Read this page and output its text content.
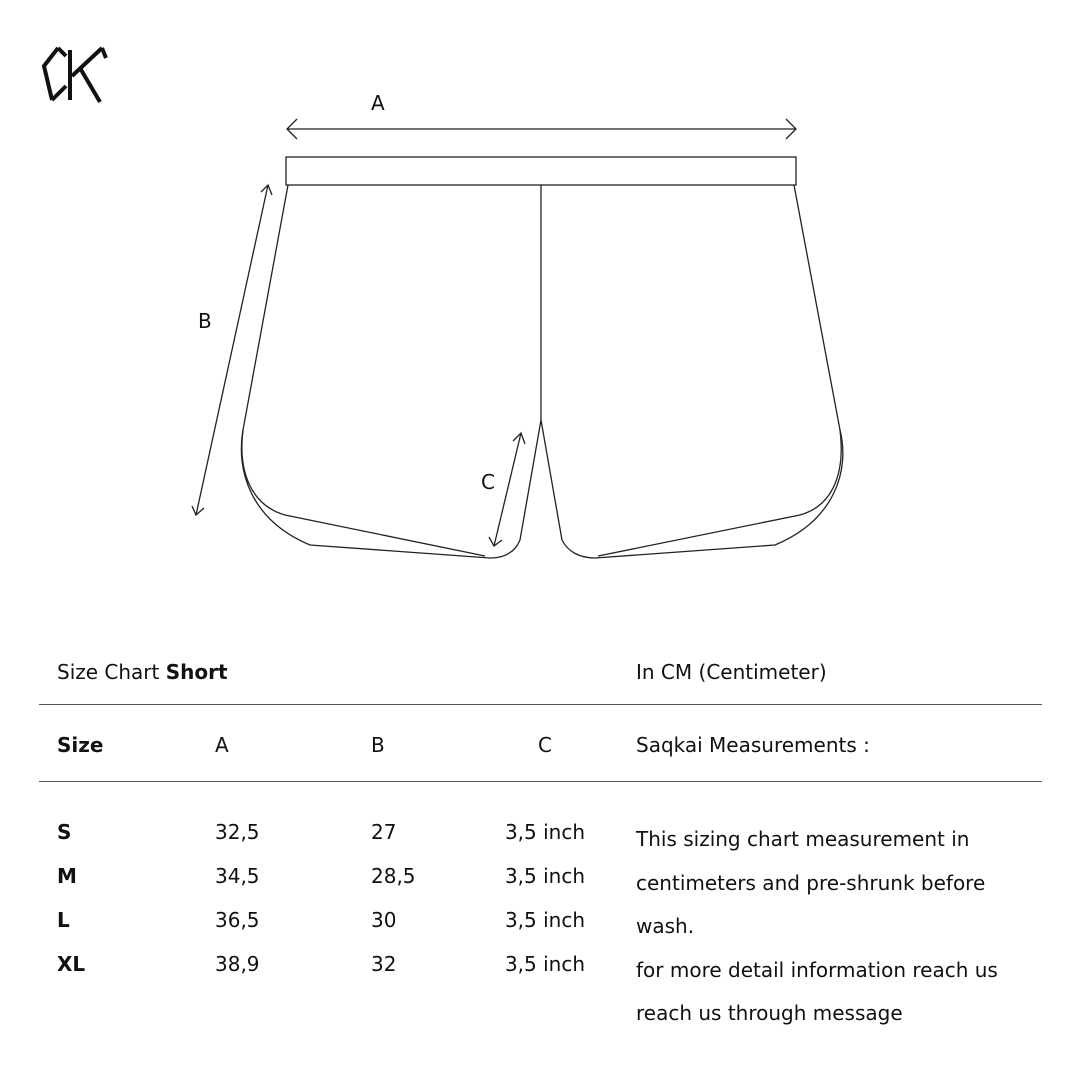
A
B
C
Size Chart Short	In CM (Centimeter)
Size	A	B	C	Saqkai Measurements :
S	32,5	27	3,5 inch
M	34,5	28,5	3,5 inch
L	36,5	30	3,5 inch
XL	38,9	32	3,5 inch
This sizing chart measurement in
centimeters and pre-shrunk before
wash.
for more detail information reach us
reach us through message
